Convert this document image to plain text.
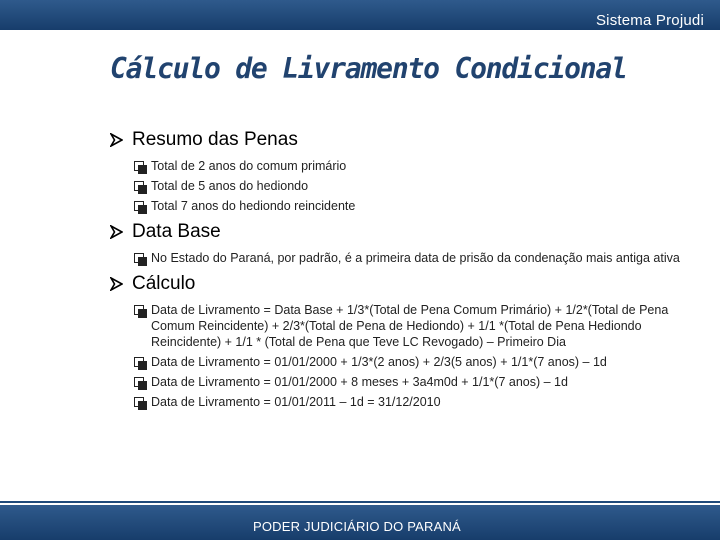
Sistema Projudi
Cálculo de Livramento Condicional
Resumo das Penas
Total de 2 anos do comum primário
Total de 5 anos do hediondo
Total 7 anos do hediondo reincidente
Data Base
No Estado do Paraná, por padrão, é a primeira data de prisão da condenação mais antiga ativa
Cálculo
Data de Livramento = Data Base + 1/3*(Total de Pena Comum Primário) + 1/2*(Total de Pena Comum Reincidente) + 2/3*(Total de Pena de Hediondo) + 1/1 *(Total de Pena Hediondo Reincidente) + 1/1 * (Total de Pena que Teve LC Revogado) – Primeiro Dia
Data de Livramento = 01/01/2000 + 1/3*(2 anos) + 2/3(5 anos) + 1/1*(7 anos) – 1d
Data de Livramento = 01/01/2000 + 8 meses + 3a4m0d + 1/1*(7 anos) – 1d
Data de Livramento = 01/01/2011 – 1d = 31/12/2010
PODER JUDICIÁRIO DO PARANÁ
